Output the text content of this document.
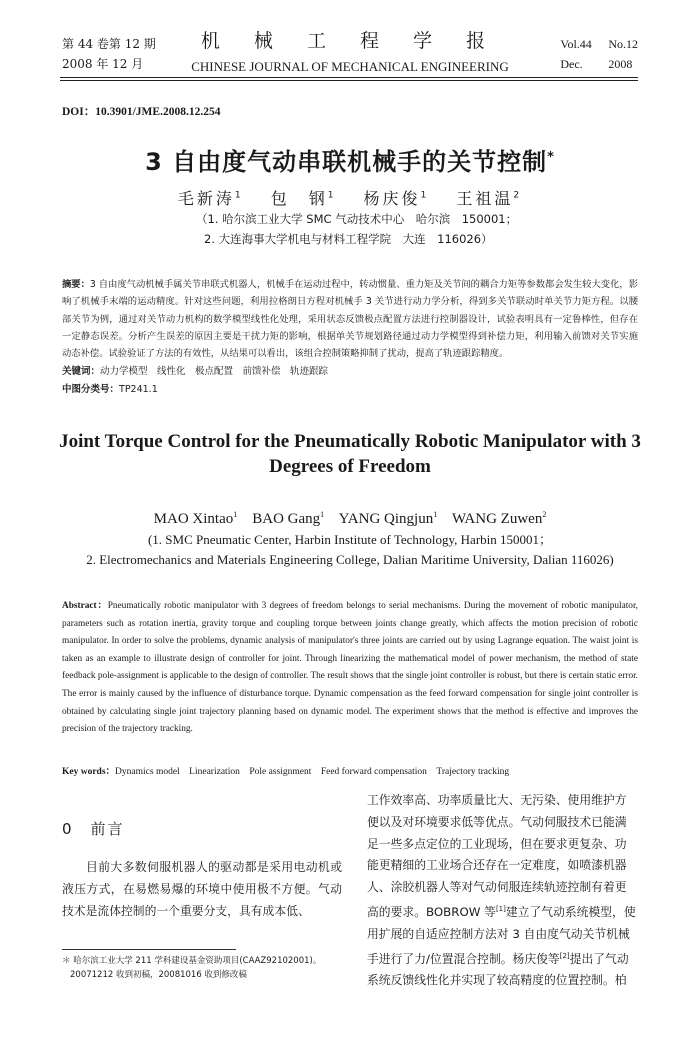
第 44 卷第 12 期
2008 年 12 月
机 械 工 程 学 报
CHINESE JOURNAL OF MECHANICAL ENGINEERING
Vol.44 No.12
Dec. 2008
DOI：10.3901/JME.2008.12.254
3 自由度气动串联机械手的关节控制*
毛新涛$^1$　 包　钢$^1$　 杨庆俊$^1$　 王祖温$^2$
（1. 哈尔滨工业大学 SMC 气动技术中心　哈尔滨　150001；
2. 大连海事大学机电与材料工程学院　大连　116026）
摘要：3 自由度气动机械手属关节串联式机器人，机械手在运动过程中，转动惯量、重力矩及关节间的耦合力矩等参数都会发生较大变化，影响了机械手末端的运动精度。针对这些问题，利用拉格朗日方程对机械手 3 关节进行动力学分析，得到多关节联动时单关节力矩方程。以腰部关节为例，通过对关节动力机构的数学模型线性化处理，采用状态反馈极点配置方法进行控制器设计，试验表明具有一定鲁棒性，但存在一定静态误差。分析产生误差的原因主要是干扰力矩的影响，根据单关节规划路径通过动力学模型得到补偿力矩，利用输入前馈对关节实施动态补偿。试验验证了方法的有效性，从结果可以看出，该组合控制策略抑制了扰动，提高了轨迹跟踪精度。
关键词：动力学模型　线性化　极点配置　前馈补偿　轨迹跟踪
中图分类号：TP241.1
Joint Torque Control for the Pneumatically Robotic Manipulator with 3 Degrees of Freedom
MAO Xintao$^1$ BAO Gang$^1$ YANG Qingjun$^1$ WANG Zuwen$^2$
(1. SMC Pneumatic Center, Harbin Institute of Technology, Harbin 150001；
2. Electromechanics and Materials Engineering College, Dalian Maritime University, Dalian 116026)
Abstract：Pneumatically robotic manipulator with 3 degrees of freedom belongs to serial mechanisms. During the movement of robotic manipulator, parameters such as rotation inertia, gravity torque and coupling torque between joints change greatly, which affects the motion precision of robotic manipulator. In order to solve the problems, dynamic analysis of manipulator's three joints are carried out by using Lagrange equation. The waist joint is taken as an example to illustrate design of controller for joint. Through linearizing the mathematical model of power mechanism, the method of state feedback pole-assignment is applicable to the design of controller. The result shows that the single joint controller is robust, but there is certain static error. The error is mainly caused by the influence of disturbance torque. Dynamic compensation as the feed forward compensation for single joint controller is obtained by calculating single joint trajectory planning based on dynamic model. The experiment shows that the method is effective and improves the precision of the trajectory tracking.
Key words：Dynamics model　Linearization　Pole assignment　Feed forward compensation　Trajectory tracking
0　前言
目前大多数伺服机器人的驱动都是采用电动机或液压方式，在易燃易爆的环境中使用极不方便。气动技术是流体控制的一个重要分支，具有成本低、
工作效率高、功率质量比大、无污染、使用维护方
便以及对环境要求低等优点。气动伺服技术已能满
足一些多点定位的工业现场，但在要求更复杂、功
能更精细的工业场合还存在一定难度，如喷漆机器
人、涂胶机器人等对气动伺服连续轨迹控制有着更
高的要求。BOBROW 等[1]建立了气动系统模型，使
用扩展的自适应控制方法对 3 自由度气动关节机械
手进行了力/位置混合控制。杨庆俊等[2]提出了气动
系统反馈线性化并实现了较高精度的位置控制。柏
＊ 哈尔滨工业大学 211 学科建设基金资助项目(CAAZ92102001)。
20071212 收到初稿，20081016 收到修改稿
